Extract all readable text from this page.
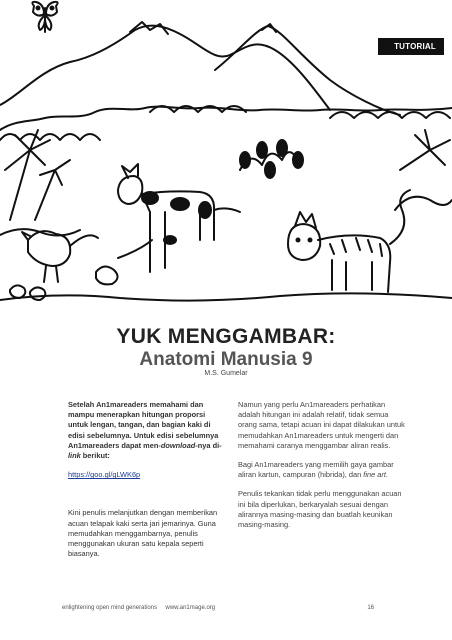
TUTORIAL
YUK MENGGAMBAR:
Anatomi Manusia 9
M.S. Gumelar

Setelah An1mareaders memahami dan mampu menerapkan hitungan proporsi untuk lengan, tangan, dan bagian kaki di edisi sebelumnya. Untuk edisi sebelumnya An1mareaders dapat men-download-nya di-link berikut:

https://goo.gl/gLWK6p

Kini penulis melanjutkan dengan memberikan acuan telapak kaki serta jari jemarinya. Guna memudahkan menggambarnya, penulis menggunakan ukuran satu kepala seperti biasanya.

Namun yang perlu An1mareaders perhatikan adalah hitungan ini adalah relatif, tidak semua orang sama, tetapi acuan ini dapat dilakukan untuk memudahkan An1mareaders untuk mengerti dan memahami caranya menggambar aliran realis.

Bagi An1mareaders yang memilih gaya gambar aliran kartun, campuran (hibrida), dan fine art.

Penulis tekankan tidak perlu menggunakan acuan ini bila diperlukan, berkaryalah sesuai dengan alirannya masing-masing dan buatlah keunikan masing-masing.

enlightening open mind generations www.an1mage.org	16
